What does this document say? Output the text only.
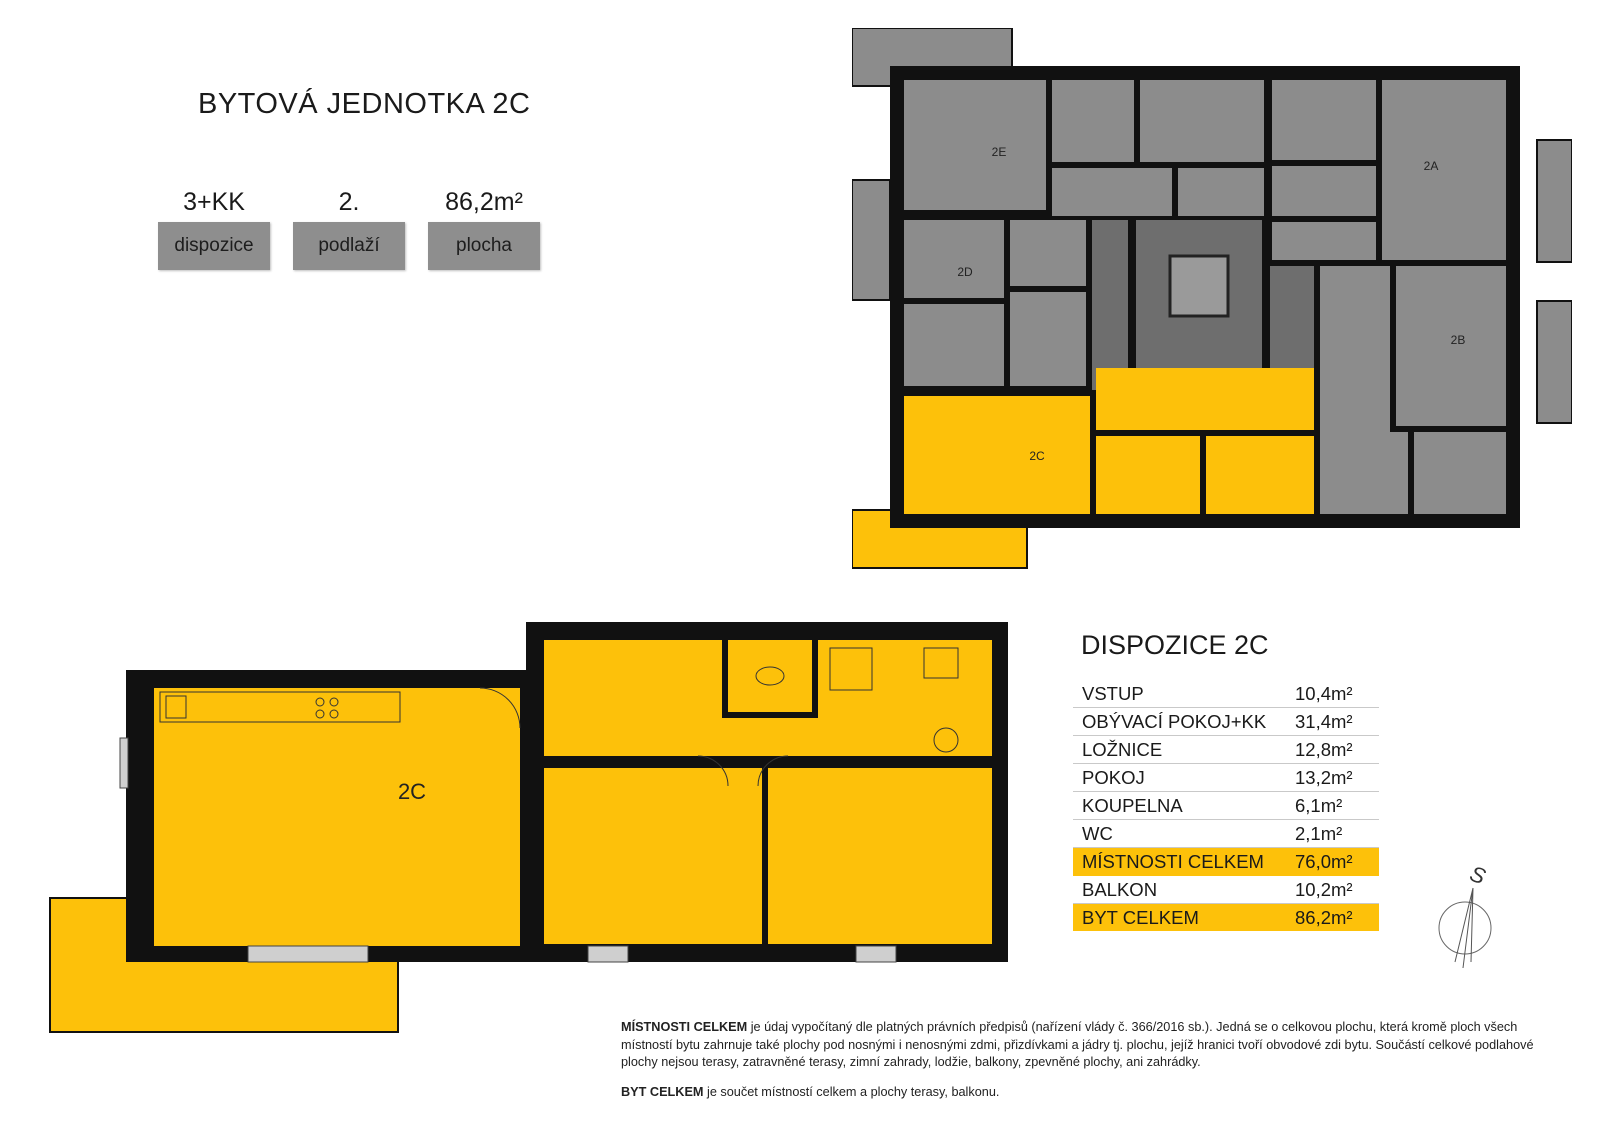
BYTOVÁ JEDNOTKA 2C
3+KK
dispozice
2.
podlaží
86,2m²
plocha
2E
2A
2D
2B
2C
2C
DISPOZICE 2C
VSTUP	10,4m²
OBÝVACÍ POKOJ+KK 31,4m²
LOŽNICE	12,8m²
POKOJ	13,2m²
KOUPELNA	6,1m²
WC	2,1m²
MÍSTNOSTI CELKEM 76,0m²
BALKON	10,2m²
BYT CELKEM	86,2m²
S

MÍSTNOSTI CELKEM je údaj vypočítaný dle platných právních předpisů (nařízení vlády č. 366/2016 sb.). Jedná se o celkovou plochu, která kromě ploch všech místností bytu zahrnuje také plochy pod nosnými i nenosnými zdmi, přizdívkami a jádry tj. plochu, jejíž hranici tvoří obvodové zdi bytu. Součástí celkové podlahové plochy nejsou terasy, zatravněné terasy, zimní zahrady, lodžie, balkony, zpevněné plochy, ani zahrádky.

BYT CELKEM je součet místností celkem a plochy terasy, balkonu.
